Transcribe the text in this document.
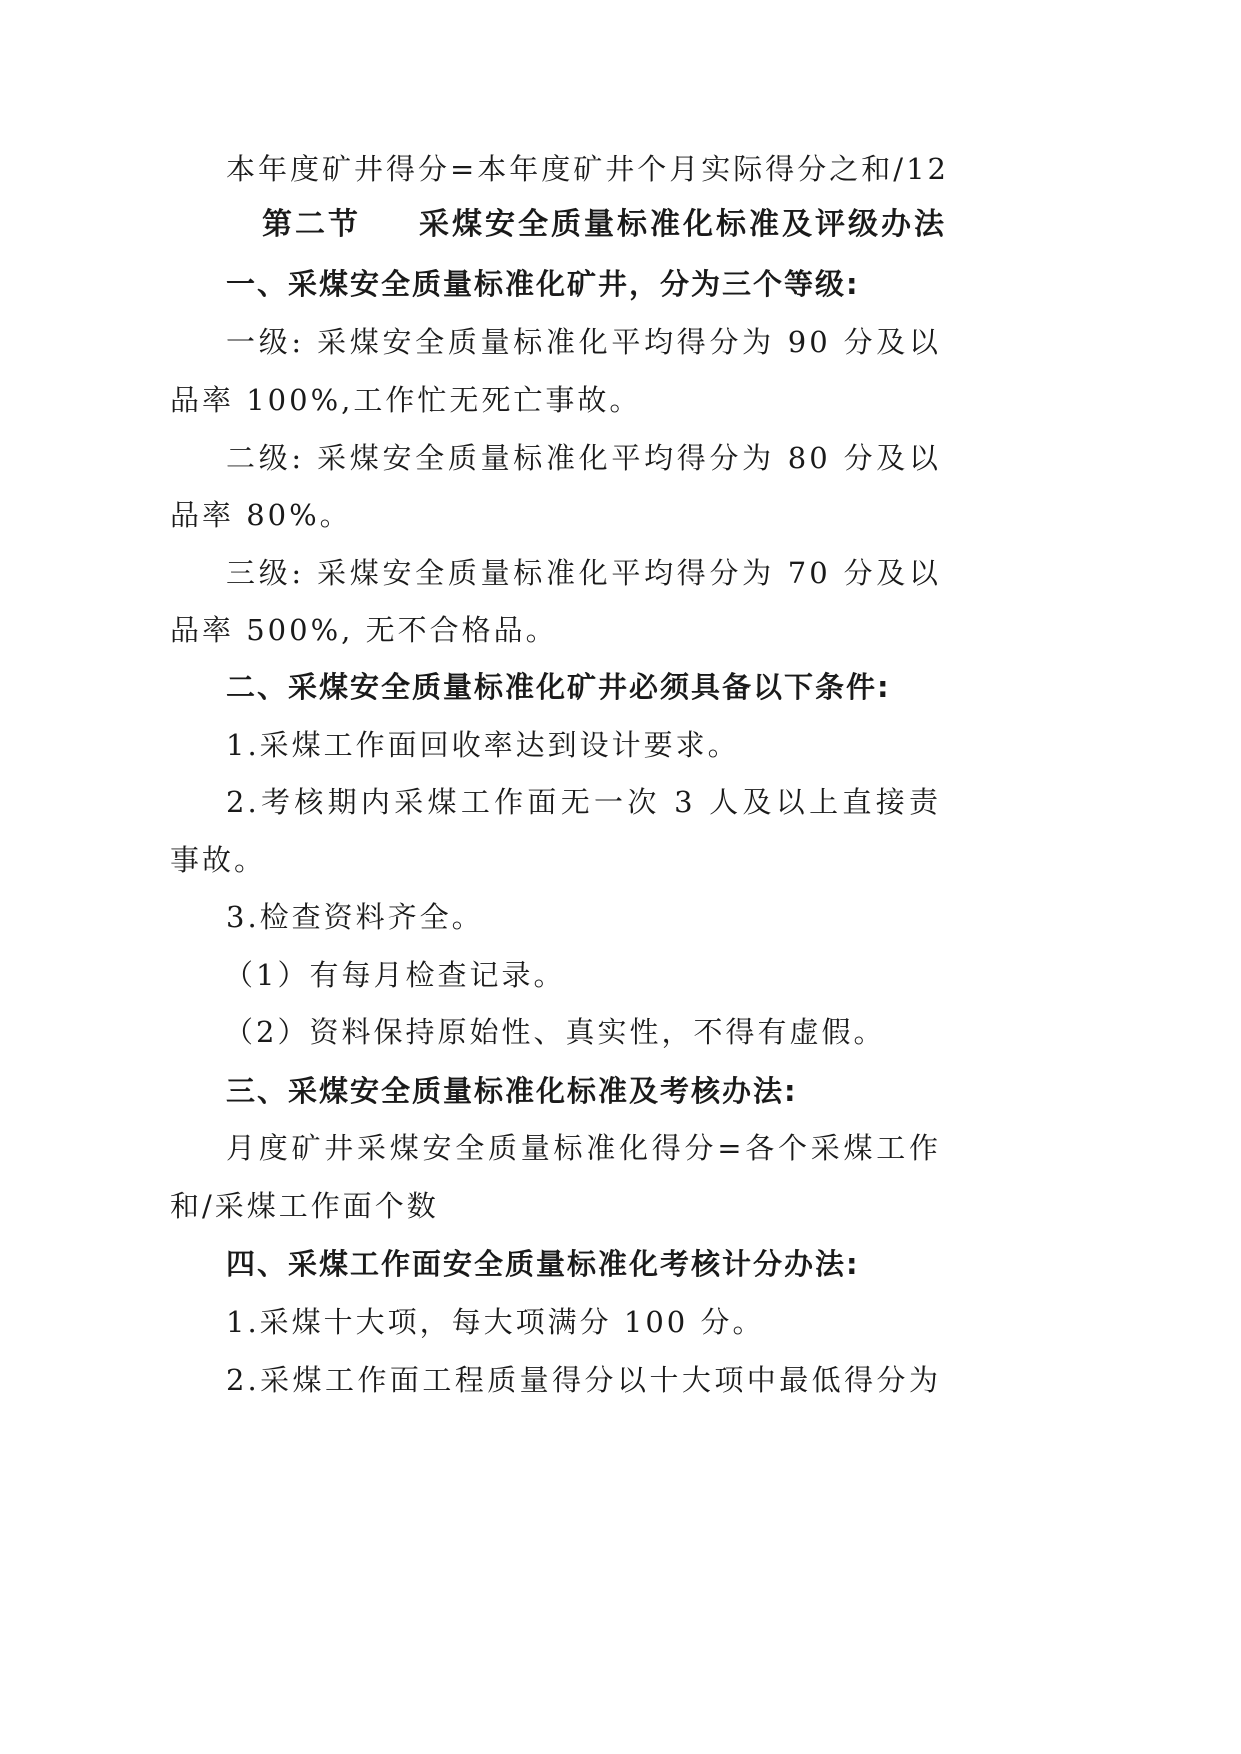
本年度矿井得分=本年度矿井个月实际得分之和/12
第二节 采煤安全质量标准化标准及评级办法
一、采煤安全质量标准化矿井，分为三个等级:
一级: 采煤安全质量标准化平均得分为 90 分及以
品率 100%,工作忙无死亡事故。
二级: 采煤安全质量标准化平均得分为 80 分及以
品率 80%。
三级: 采煤安全质量标准化平均得分为 70 分及以
品率 500%, 无不合格品。
二、采煤安全质量标准化矿井必须具备以下条件:
1.采煤工作面回收率达到设计要求。
2.考核期内采煤工作面无一次 3 人及以上直接责
事故。
3.检查资料齐全。
（1）有每月检查记录。
（2）资料保持原始性、真实性，不得有虚假。
三、采煤安全质量标准化标准及考核办法:
月度矿井采煤安全质量标准化得分=各个采煤工作
和/采煤工作面个数
四、采煤工作面安全质量标准化考核计分办法:
1.采煤十大项，每大项满分 100 分。
2.采煤工作面工程质量得分以十大项中最低得分为
